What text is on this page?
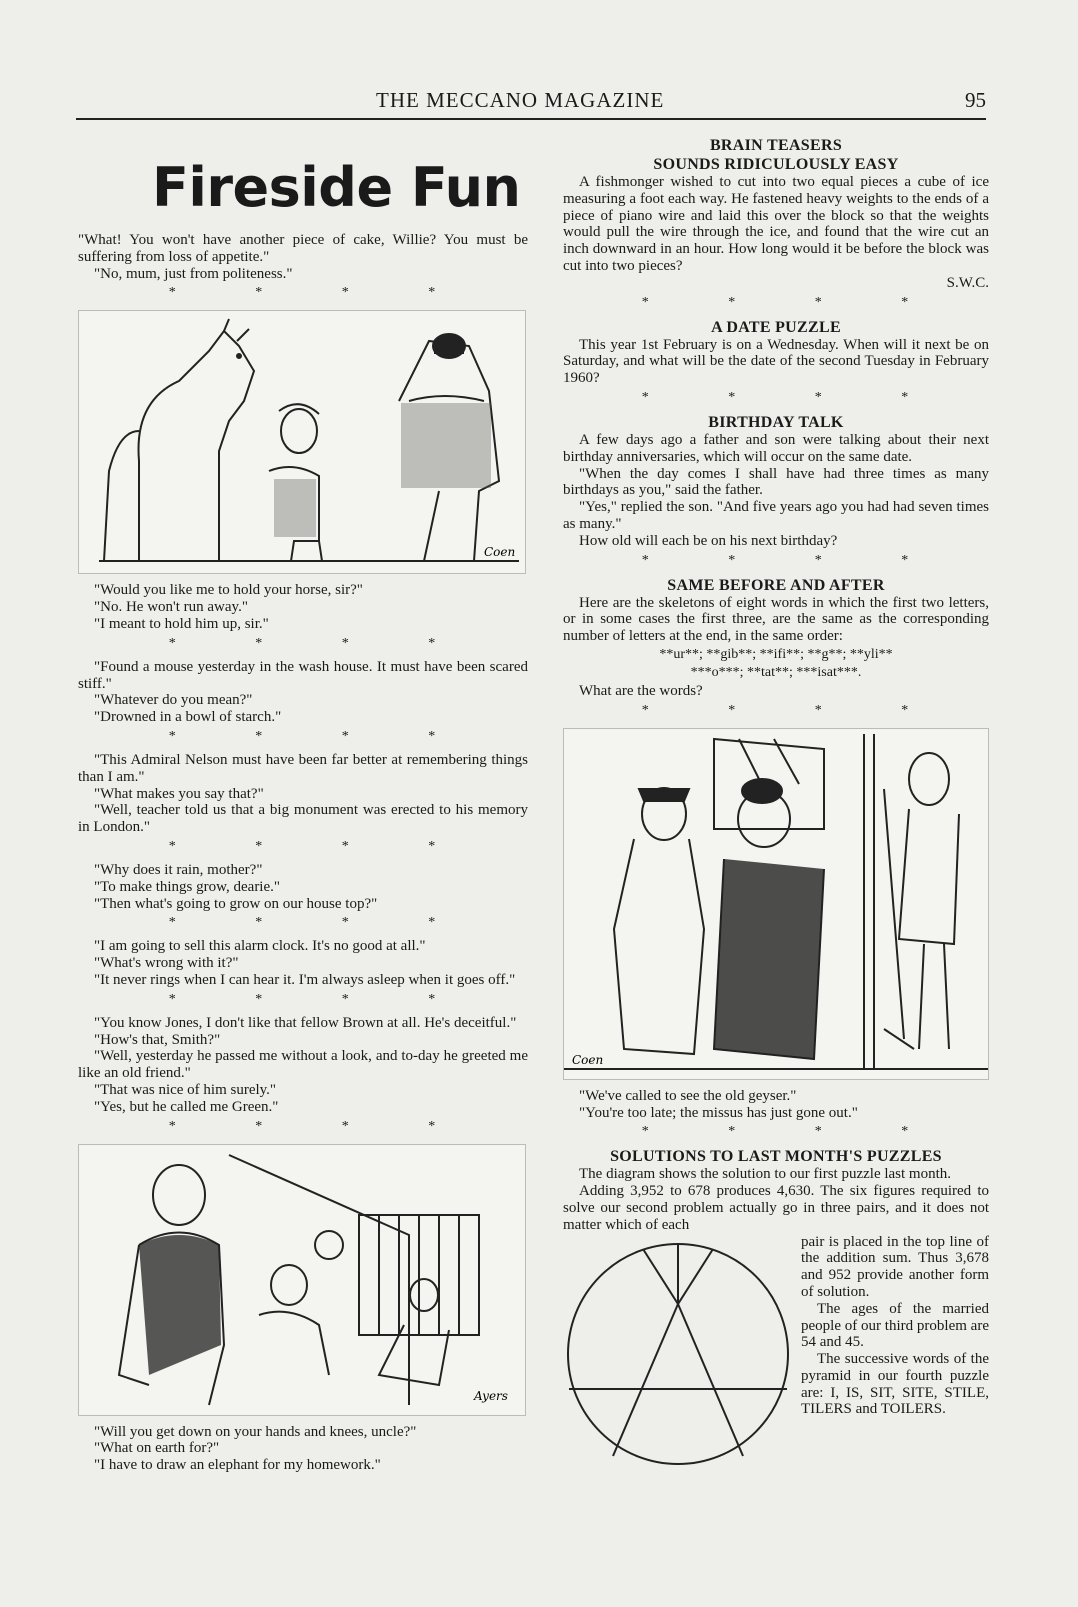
THE MECCANO MAGAZINE	95
Fireside Fun

"What! You won't have another piece of cake, Willie? You must be suffering from loss of appetite."

"No, mum, just from politeness."

* * * *
Coen

"Would you like me to hold your horse, sir?"

"No. He won't run away."

"I meant to hold him up, sir."

* * * *

"Found a mouse yesterday in the wash house. It must have been scared stiff."

"Whatever do you mean?"

"Drowned in a bowl of starch."

* * * *

"This Admiral Nelson must have been far better at remembering things than I am."

"What makes you say that?"

"Well, teacher told us that a big monument was erected to his memory in London."

* * * *

"Why does it rain, mother?"

"To make things grow, dearie."

"Then what's going to grow on our house top?"

* * * *

"I am going to sell this alarm clock. It's no good at all."

"What's wrong with it?"

"It never rings when I can hear it. I'm always asleep when it goes off."

* * * *

"You know Jones, I don't like that fellow Brown at all. He's deceitful."

"How's that, Smith?"

"Well, yesterday he passed me without a look, and to-day he greeted me like an old friend."

"That was nice of him surely."

"Yes, but he called me Green."

* * * *
Ayers

"Will you get down on your hands and knees, uncle?"

"What on earth for?"

"I have to draw an elephant for my homework."

BRAIN TEASERS
SOUNDS RIDICULOUSLY EASY

A fishmonger wished to cut into two equal pieces a cube of ice measuring a foot each way. He fastened heavy weights to the ends of a piece of piano wire and laid this over the block so that the weights would pull the wire through the ice, and found that the wire cut an inch downward in an hour. How long would it be before the block was cut into two pieces?

S.W.C.
* * * *
A DATE PUZZLE

This year 1st February is on a Wednesday. When will it next be on Saturday, and what will be the date of the second Tuesday in February 1960?

* * * *
BIRTHDAY TALK

A few days ago a father and son were talking about their next birthday anniversaries, which will occur on the same date.

"When the day comes I shall have had three times as many birthdays as you," said the father.

"Yes," replied the son. "And five years ago you had had seven times as many."

How old will each be on his next birthday?

* * * *
SAME BEFORE AND AFTER

Here are the skeletons of eight words in which the first two letters, or in some cases the first three, are the same as the corresponding number of letters at the end, in the same order:

**ur**; **gib**; **ifi**; **g**; **yli**
***o***; **tat**; ***isat***.

What are the words?

* * * *
Coen

"We've called to see the old geyser."

"You're too late; the missus has just gone out."

* * * *
SOLUTIONS TO LAST MONTH'S PUZZLES

The diagram shows the solution to our first puzzle last month.

Adding 3,952 to 678 produces 4,630. The six figures required to solve our second problem actually go in three pairs, and it does not matter which of each

pair is placed in the top line of the addition sum. Thus 3,678 and 952 provide another form of solution.

The ages of the married people of our third problem are 54 and 45.

The successive words of the pyramid in our fourth puzzle are: I, IS, SIT, SITE, STILE, TILERS and TOILERS.
